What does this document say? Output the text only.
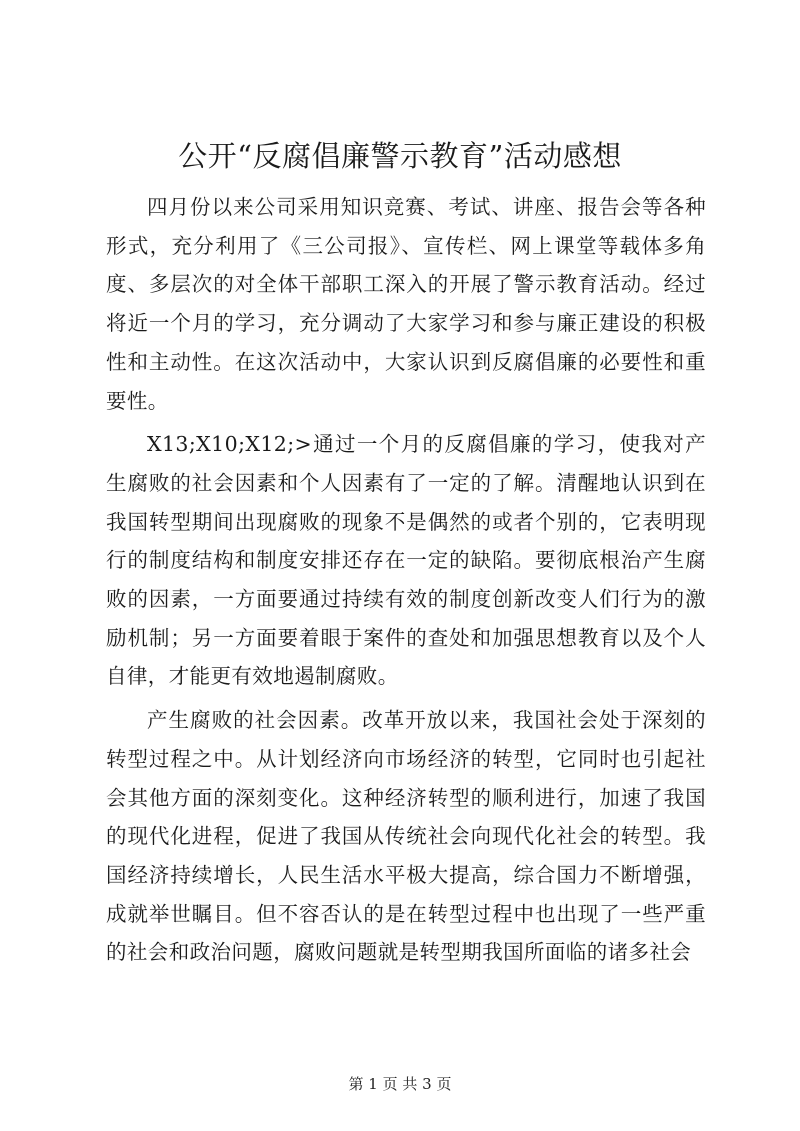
公开“反腐倡廉警示教育”活动感想

四月份以来公司采用知识竞赛、考试、讲座、报告会等各种形式，充分利用了《三公司报》、宣传栏、网上课堂等载体多角度、多层次的对全体干部职工深入的开展了警示教育活动。经过将近一个月的学习，充分调动了大家学习和参与廉正建设的积极性和主动性。在这次活动中，大家认识到反腐倡廉的必要性和重要性。

X13;X10;X12;>通过一个月的反腐倡廉的学习，使我对产生腐败的社会因素和个人因素有了一定的了解。清醒地认识到在我国转型期间出现腐败的现象不是偶然的或者个别的，它表明现行的制度结构和制度安排还存在一定的缺陷。要彻底根治产生腐败的因素，一方面要通过持续有效的制度创新改变人们行为的激励机制；另一方面要着眼于案件的查处和加强思想教育以及个人自律，才能更有效地遏制腐败。

产生腐败的社会因素。改革开放以来，我国社会处于深刻的转型过程之中。从计划经济向市场经济的转型，它同时也引起社会其他方面的深刻变化。这种经济转型的顺利进行，加速了我国的现代化进程，促进了我国从传统社会向现代化社会的转型。我国经济持续增长，人民生活水平极大提高，综合国力不断增强，成就举世瞩目。但不容否认的是在转型过程中也出现了一些严重的社会和政治问题，腐败问题就是转型期我国所面临的诸多社会

第 1 页 共 3 页
